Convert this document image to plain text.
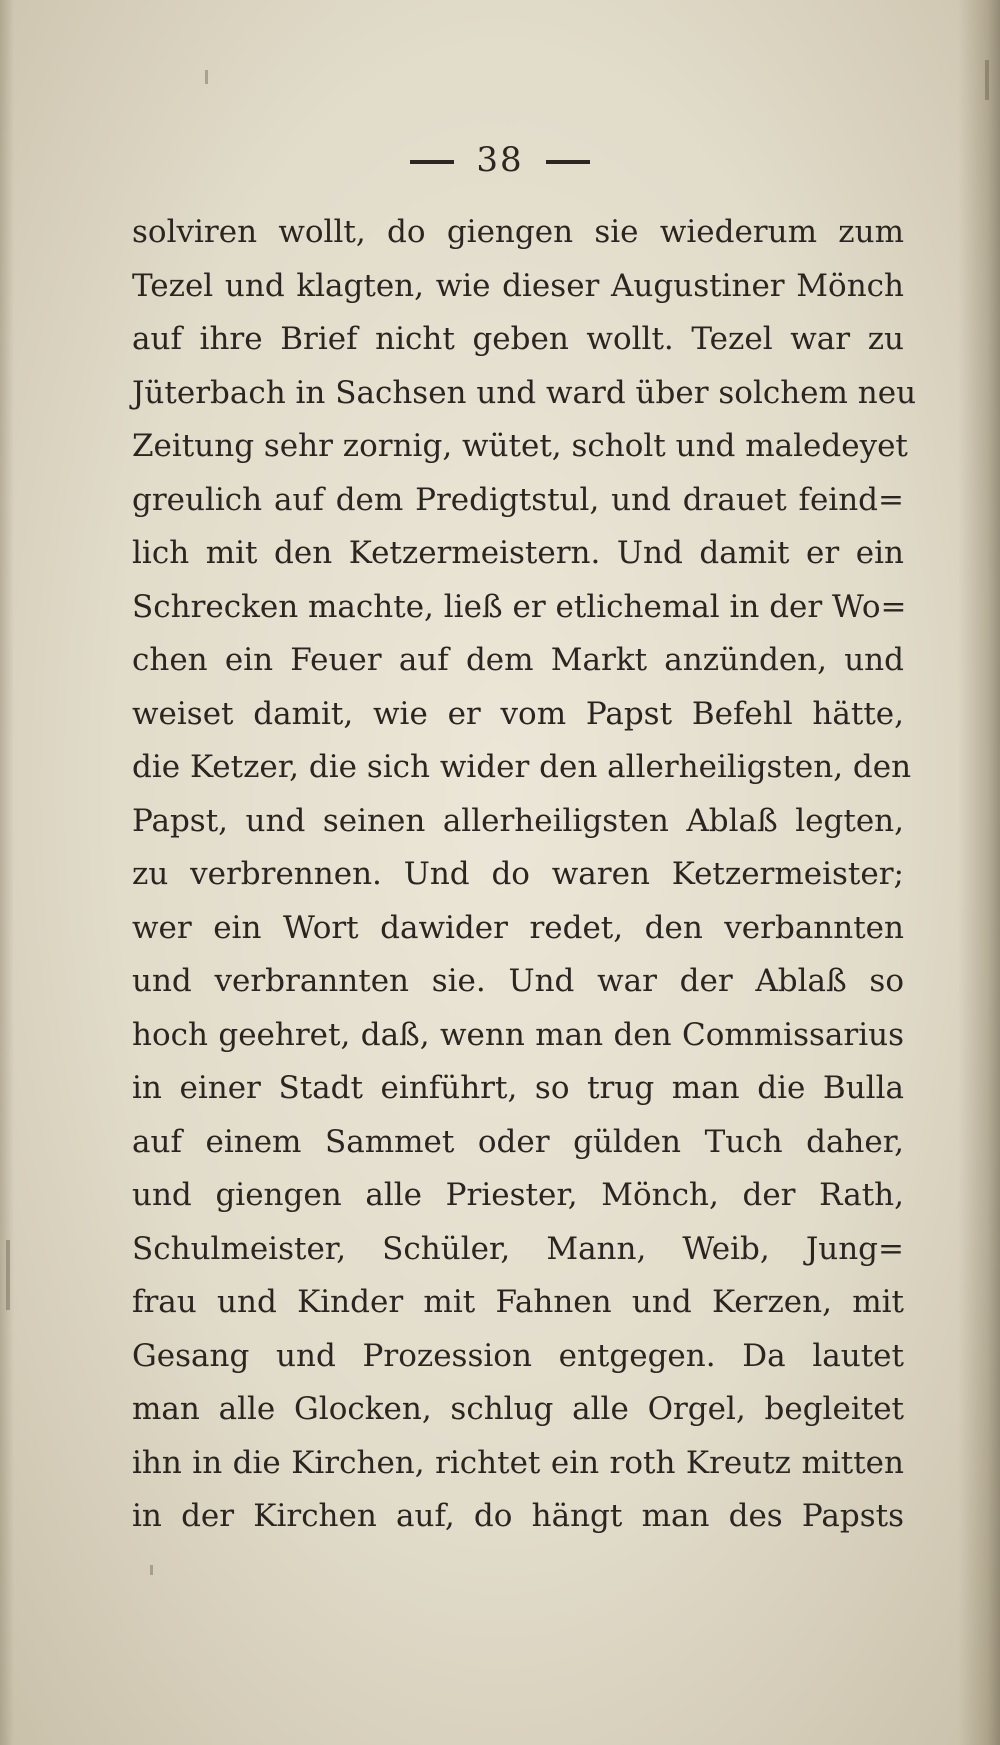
38
solviren wollt, do giengen sie wiederum zum
Tezel und klagten, wie dieser Augustiner Mönch
auf ihre Brief nicht geben wollt. Tezel war zu
Jüterbach in Sachsen und ward über solchem neu
Zeitung sehr zornig, wütet, scholt und maledeyet
greulich auf dem Predigtstul, und drauet feind=
lich mit den Ketzermeistern. Und damit er ein
Schrecken machte, ließ er etlichemal in der Wo=
chen ein Feuer auf dem Markt anzünden, und
weiset damit, wie er vom Papst Befehl hätte,
die Ketzer, die sich wider den allerheiligsten, den
Papst, und seinen allerheiligsten Ablaß legten,
zu verbrennen. Und do waren Ketzermeister;
wer ein Wort dawider redet, den verbannten
und verbrannten sie. Und war der Ablaß so
hoch geehret, daß, wenn man den Commissarius
in einer Stadt einführt, so trug man die Bulla
auf einem Sammet oder gülden Tuch daher,
und giengen alle Priester, Mönch, der Rath,
Schulmeister, Schüler, Mann, Weib, Jung=
frau und Kinder mit Fahnen und Kerzen, mit
Gesang und Prozession entgegen. Da lautet
man alle Glocken, schlug alle Orgel, begleitet
ihn in die Kirchen, richtet ein roth Kreutz mitten
in der Kirchen auf, do hängt man des Papsts
